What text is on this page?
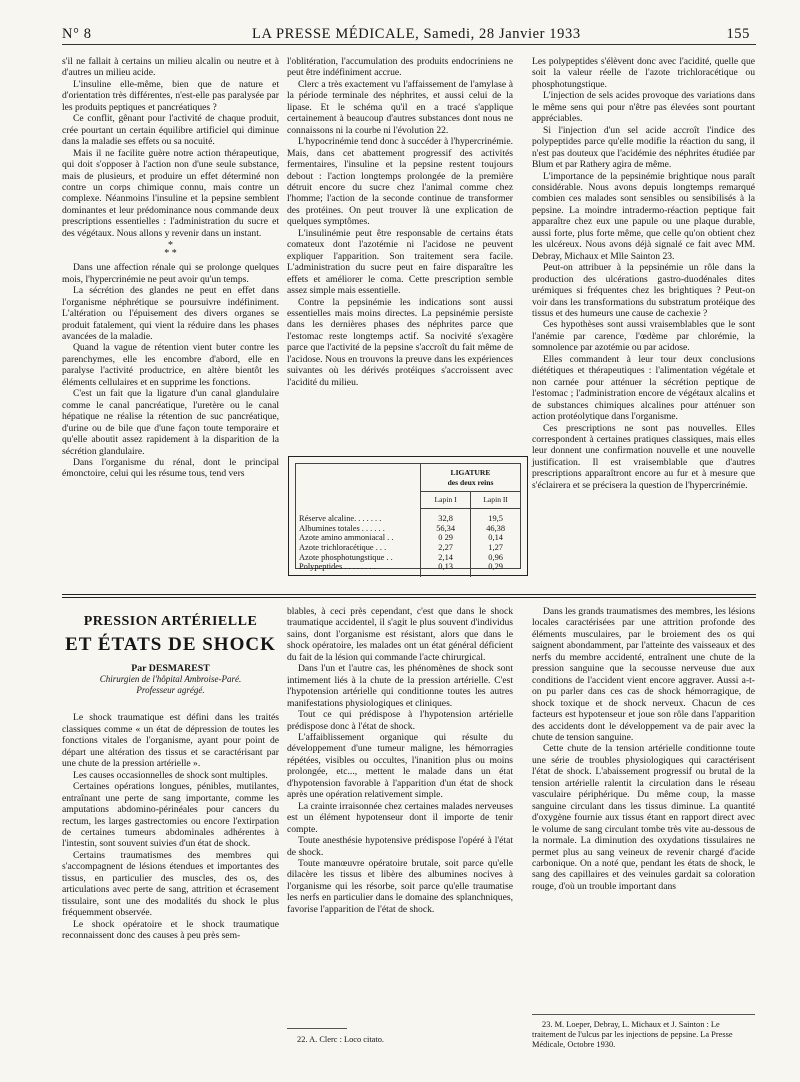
N° 8	LA PRESSE MÉDICALE, Samedi, 28 Janvier 1933	155

s'il ne fallait à certains un milieu alcalin ou neutre et à d'autres un milieu acide.

L'insuline elle-même, bien que de nature et d'orientation très différentes, n'est-elle pas paralysée par les produits peptiques et pancréatiques ?

Ce conflit, gênant pour l'activité de chaque produit, crée pourtant un certain équilibre artificiel qui diminue dans la maladie ses effets ou sa nocuité.

Mais il ne facilite guère notre action thérapeutique, qui doit s'opposer à l'action non d'une seule substance, mais de plusieurs, et produire un effet déterminé non contre un corps chimique connu, mais contre un complexe. Néanmoins l'insuline et la pepsine semblent dominantes et leur prédominance nous commande deux prescriptions essentielles : l'administration du sucre et des végétaux. Nous allons y revenir dans un instant.

*
* *

Dans une affection rénale qui se prolonge quelques mois, l'hypercrinémie ne peut avoir qu'un temps.

La sécrétion des glandes ne peut en effet dans l'organisme néphrétique se poursuivre indéfiniment. L'altération ou l'épuisement des divers organes se produit fatalement, qui vient la réduire dans les phases avancées de la maladie.

Quand la vague de rétention vient buter contre les parenchymes, elle les encombre d'abord, elle en paralyse l'activité productrice, en altère bientôt les éléments cellulaires et en supprime les fonctions.

C'est un fait que la ligature d'un canal glandulaire comme le canal pancréatique, l'uretère ou le canal hépatique ne réalise la rétention de suc pancréatique, d'urine ou de bile que d'une façon toute temporaire et qu'elle aboutit assez rapidement à la disparition de la sécrétion glandulaire.

Dans l'organisme du rénal, dont le principal émonctoire, celui qui les résume tous, tend vers

l'oblitération, l'accumulation des produits endocriniens ne peut être indéfiniment accrue.

Clerc a très exactement vu l'affaissement de l'amylase à la période terminale des néphrites, et aussi celui de la lipase. Et le schéma qu'il en a tracé s'applique certainement à beaucoup d'autres substances dont nous ne connaissons ni la courbe ni l'évolution 22.

L'hypocrinémie tend donc à succéder à l'hypercrinémie. Mais, dans cet abattement progressif des activités fermentaires, l'insuline et la pepsine restent toujours debout : l'action longtemps prolongée de la première détruit encore du sucre chez l'animal comme chez l'homme; l'action de la seconde continue de transformer des protéines. On peut trouver là une explication de quelques symptômes.

L'insulinémie peut être responsable de certains états comateux dont l'azotémie ni l'acidose ne peuvent expliquer l'apparition. Son traitement sera facile. L'administration du sucre peut en faire disparaître les effets et améliorer le coma. Cette prescription semble assez simple mais essentielle.

Contre la pepsinémie les indications sont aussi essentielles mais moins directes. La pepsinémie persiste dans les dernières phases des néphrites parce que l'estomac reste longtemps actif. Sa nocivité s'exagère parce que l'activité de la pepsine s'accroît du fait même de l'acidose. Nous en trouvons la preuve dans les expériences suivantes où les dérivés protéiques s'accroissent avec l'acidité du milieu.

	LIGATURE
des deux reins	
	Lapin I	Lapin II

Réserve alcaline. . . . . . .	32,8	19,5
Albumines totales . . . . . .	56,34	46,38
Azote amino ammoniacal . .	0 29	0,14
Azote trichloracétique . . .	2,27	1,27
Azote phosphotungstique . .	2,14	0,96
Polypeptides . . . . . . . .	0,13	0,29

Les polypeptides s'élèvent donc avec l'acidité, quelle que soit la valeur réelle de l'azote trichloracétique ou phosphotungstique.

L'injection de sels acides provoque des variations dans le même sens qui pour n'être pas élevées sont pourtant appréciables.

Si l'injection d'un sel acide accroît l'indice des polypeptides parce qu'elle modifie la réaction du sang, il n'est pas douteux que l'acidémie des néphrites étudiée par Blum et par Rathery agira de même.

L'importance de la pepsinémie brightique nous paraît considérable. Nous avons depuis longtemps remarqué combien ces malades sont sensibles ou sensibilisés à la pepsine. La moindre intradermo-réaction peptique fait apparaître chez eux une papule ou une plaque durable, aussi forte, plus forte même, que celle qu'on obtient chez les ulcéreux. Nous avons déjà signalé ce fait avec MM. Debray, Michaux et Mlle Sainton 23.

Peut-on attribuer à la pepsinémie un rôle dans la production des ulcérations gastro-duodénales dites urémiques si fréquentes chez les brightiques ? Peut-on voir dans les transformations du substratum protéique des tissus et des humeurs une cause de cachexie ?

Ces hypothèses sont aussi vraisemblables que le sont l'anémie par carence, l'œdème par chlorémie, la somnolence par azotémie ou par acidose.

Elles commandent à leur tour deux conclusions diététiques et thérapeutiques : l'alimentation végétale et non carnée pour atténuer la sécrétion peptique de l'estomac ; l'administration encore de végétaux alcalins et de substances chimiques alcalines pour atténuer son action protéolytique dans l'organisme.

Ces prescriptions ne sont pas nouvelles. Elles correspondent à certaines pratiques classiques, mais elles leur donnent une confirmation nouvelle et une nouvelle justification. Il est vraisemblable que d'autres prescriptions apparaîtront encore au fur et à mesure que s'éclairera et se précisera la question de l'hypercrinémie.

PRESSION ARTÉRIELLE
ET ÉTATS DE SHOCK
Par DESMAREST
Chirurgien de l'hôpital Ambroise-Paré.
Professeur agrégé.

Le shock traumatique est défini dans les traités classiques comme « un état de dépression de toutes les fonctions vitales de l'organisme, ayant pour point de départ une altération des tissus et se caractérisant par une chute de la pression artérielle ».

Les causes occasionnelles de shock sont multiples.

Certaines opérations longues, pénibles, mutilantes, entraînant une perte de sang importante, comme les amputations abdomino-périnéales pour cancers du rectum, les larges gastrectomies ou encore l'extirpation de certaines tumeurs abdominales adhérentes à l'intestin, sont souvent suivies d'un état de shock.

Certains traumatismes des membres qui s'accompagnent de lésions étendues et importantes des tissus, en particulier des muscles, des os, des articulations avec perte de sang, attrition et écrasement tissulaire, sont une des modalités du shock le plus fréquemment observée.

Le shock opératoire et le shock traumatique reconnaissent donc des causes à peu près sem-

blables, à ceci près cependant, c'est que dans le shock traumatique accidentel, il s'agit le plus souvent d'individus sains, dont l'organisme est résistant, alors que dans le shock opératoire, les malades ont un état général déficient du fait de la lésion qui commande l'acte chirurgical.

Dans l'un et l'autre cas, les phénomènes de shock sont intimement liés à la chute de la pression artérielle. C'est l'hypotension artérielle qui conditionne toutes les autres manifestations physiologiques et cliniques.

Tout ce qui prédispose à l'hypotension artérielle prédispose donc à l'état de shock.

L'affaiblissement organique qui résulte du développement d'une tumeur maligne, les hémorragies répétées, visibles ou occultes, l'inanition plus ou moins prolongée, etc..., mettent le malade dans un état d'hypotension favorable à l'apparition d'un état de shock après une opération relativement simple.

La crainte irraisonnée chez certaines malades nerveuses est un élément hypotenseur dont il importe de tenir compte.

Toute anesthésie hypotensive prédispose l'opéré à l'état de shock.

Toute manœuvre opératoire brutale, soit parce qu'elle dilacère les tissus et libère des albumines nocives à l'organisme qui les résorbe, soit parce qu'elle traumatise les nerfs en particulier dans le domaine des splanchniques, favorise l'apparition de l'état de shock.

22. A. Clerc : Loco citato.

Dans les grands traumatismes des membres, les lésions locales caractérisées par une attrition profonde des éléments musculaires, par le broiement des os qui saignent abondamment, par l'atteinte des vaisseaux et des nerfs du membre accidenté, entraînent une chute de la pression sanguine que la secousse nerveuse due aux conditions de l'accident vient encore aggraver. Aussi a-t-on pu parler dans ces cas de shock hémorragique, de shock toxique et de shock nerveux. Chacun de ces facteurs est hypotenseur et joue son rôle dans l'apparition des accidents dont le développement va de pair avec la chute de tension sanguine.

Cette chute de la tension artérielle conditionne toute une série de troubles physiologiques qui caractérisent l'état de shock. L'abaissement progressif ou brutal de la tension artérielle ralentit la circulation dans le réseau vasculaire périphérique. Du même coup, la masse sanguine circulant dans les tissus diminue. La quantité d'oxygène fournie aux tissus étant en rapport direct avec le volume de sang circulant tombe très vite au-dessous de la normale. La diminution des oxydations tissulaires ne permet plus au sang veineux de revenir chargé d'acide carbonique. On a noté que, pendant les états de shock, le sang des capillaires et des veinules gardait sa coloration rouge, d'où un trouble important dans

23. M. Loeper, Debray, L. Michaux et J. Sainton : Le traitement de l'ulcus par les injections de pepsine. La Presse Médicale, Octobre 1930.
